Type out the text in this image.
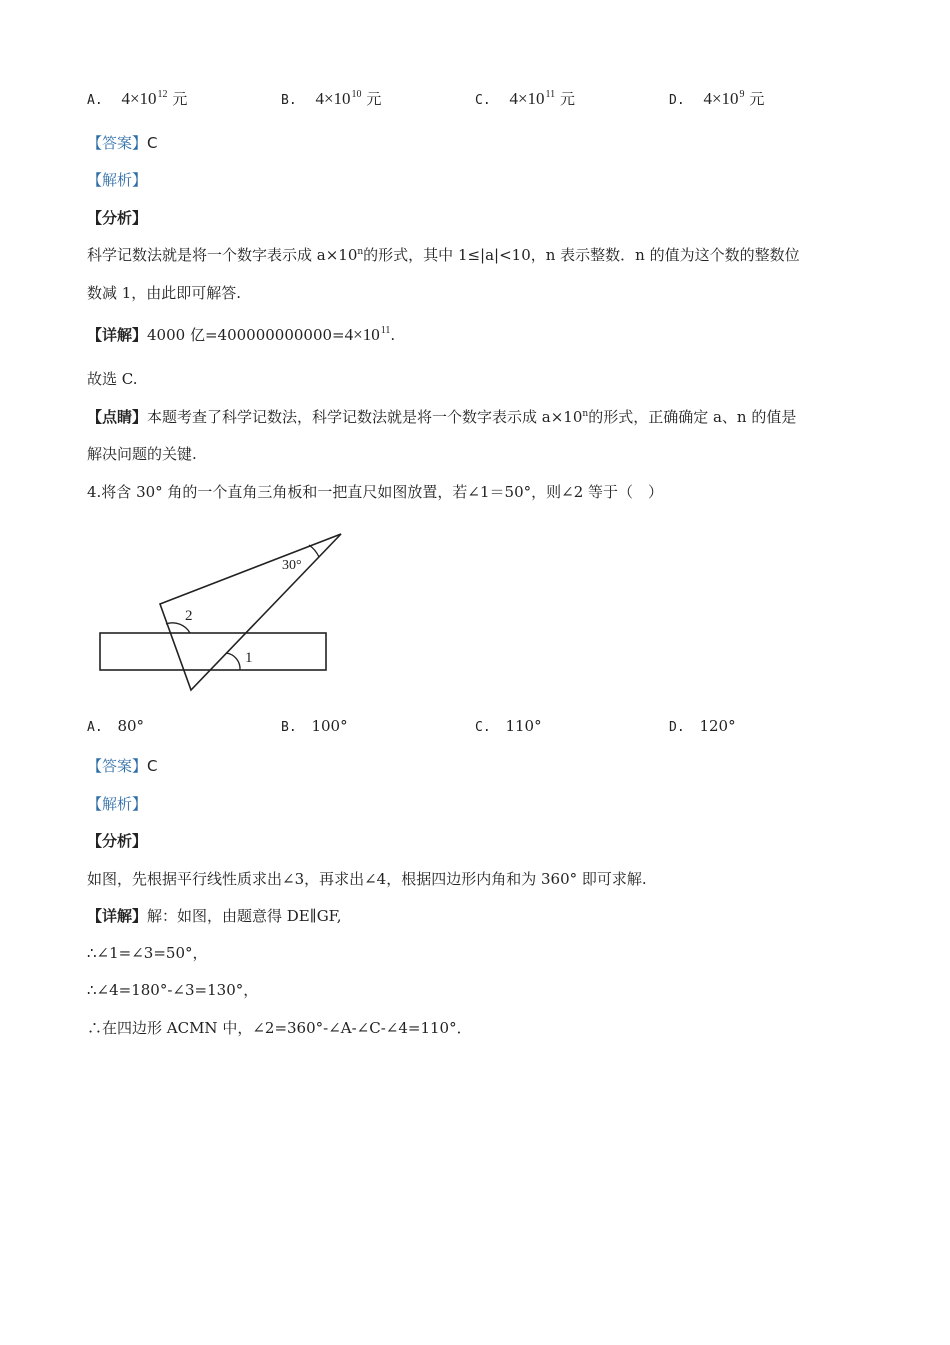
A. $4\times 10^{12}$ 元	B. $4\times 10^{10}$ 元	C. $4\times 10^{11}$ 元	D. $4\times 10^9$ 元
【答案】C
【解析】
【分析】
科学记数法就是将一个数字表示成 $a\times 10^n$的形式，其中 1≤|a|<10，n 表示整数．n 的值为这个数的整数位
数减 1，由此即可解答.
【详解】4000 亿$=400000000000=4\times 10^{11}$.
故选 C.
【点睛】本题考查了科学记数法，科学记数法就是将一个数字表示成 $a\times 10^n$的形式，正确确定 a、n 的值是
解决问题的关键.
4.将含 30° 角的一个直角三角板和一把直尺如图放置，若∠1＝50°，则∠2 等于（　）
30°
2
1
A. 80°	B. 100°	C. 110°	D. 120°
【答案】C
【解析】
【分析】
如图，先根据平行线性质求出∠3，再求出∠4，根据四边形内角和为 360° 即可求解.
【详解】解：如图，由题意得 DE∥GF,
∴∠1=∠3=50°，
∴∠4=180°-∠3=130°，
∴在四边形 ACMN 中，∠2=360°-∠A-∠C-∠4=110°．
